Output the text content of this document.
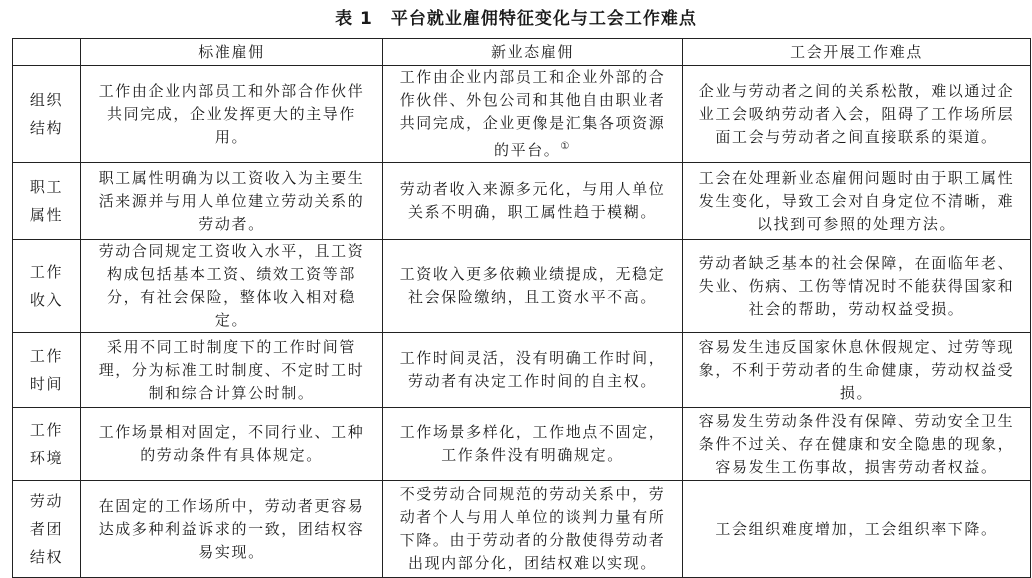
表 1　平台就业雇佣特征变化与工会工作难点
	标准雇佣	新业态雇佣	工会开展工作难点
组织结构	工作由企业内部员工和外部合作伙伴共同完成，企业发挥更大的主导作用。	工作由企业内部员工和企业外部的合作伙伴、外包公司和其他自由职业者共同完成，企业更像是汇集各项资源的平台。①	企业与劳动者之间的关系松散，难以通过企业工会吸纳劳动者入会，阻碍了工作场所层面工会与劳动者之间直接联系的渠道。
职工属性	职工属性明确为以工资收入为主要生活来源并与用人单位建立劳动关系的劳动者。	劳动者收入来源多元化，与用人单位关系不明确，职工属性趋于模糊。	工会在处理新业态雇佣问题时由于职工属性发生变化，导致工会对自身定位不清晰，难以找到可参照的处理方法。
工作收入	劳动合同规定工资收入水平，且工资构成包括基本工资、绩效工资等部分，有社会保险，整体收入相对稳定。	工资收入更多依赖业绩提成，无稳定社会保险缴纳，且工资水平不高。	劳动者缺乏基本的社会保障，在面临年老、失业、伤病、工伤等情况时不能获得国家和社会的帮助，劳动权益受损。
工作时间	采用不同工时制度下的工作时间管理，分为标准工时制度、不定时工时制和综合计算公时制。	工作时间灵活，没有明确工作时间，劳动者有决定工作时间的自主权。	容易发生违反国家休息休假规定、过劳等现象，不利于劳动者的生命健康，劳动权益受损。
工作环境	工作场景相对固定，不同行业、工种的劳动条件有具体规定。	工作场景多样化，工作地点不固定，工作条件没有明确规定。	容易发生劳动条件没有保障、劳动安全卫生条件不过关、存在健康和安全隐患的现象，容易发生工伤事故，损害劳动者权益。
劳动者团结权	在固定的工作场所中，劳动者更容易达成多种利益诉求的一致，团结权容易实现。	不受劳动合同规范的劳动关系中，劳动者个人与用人单位的谈判力量有所下降。由于劳动者的分散使得劳动者出现内部分化，团结权难以实现。	工会组织难度增加，工会组织率下降。
